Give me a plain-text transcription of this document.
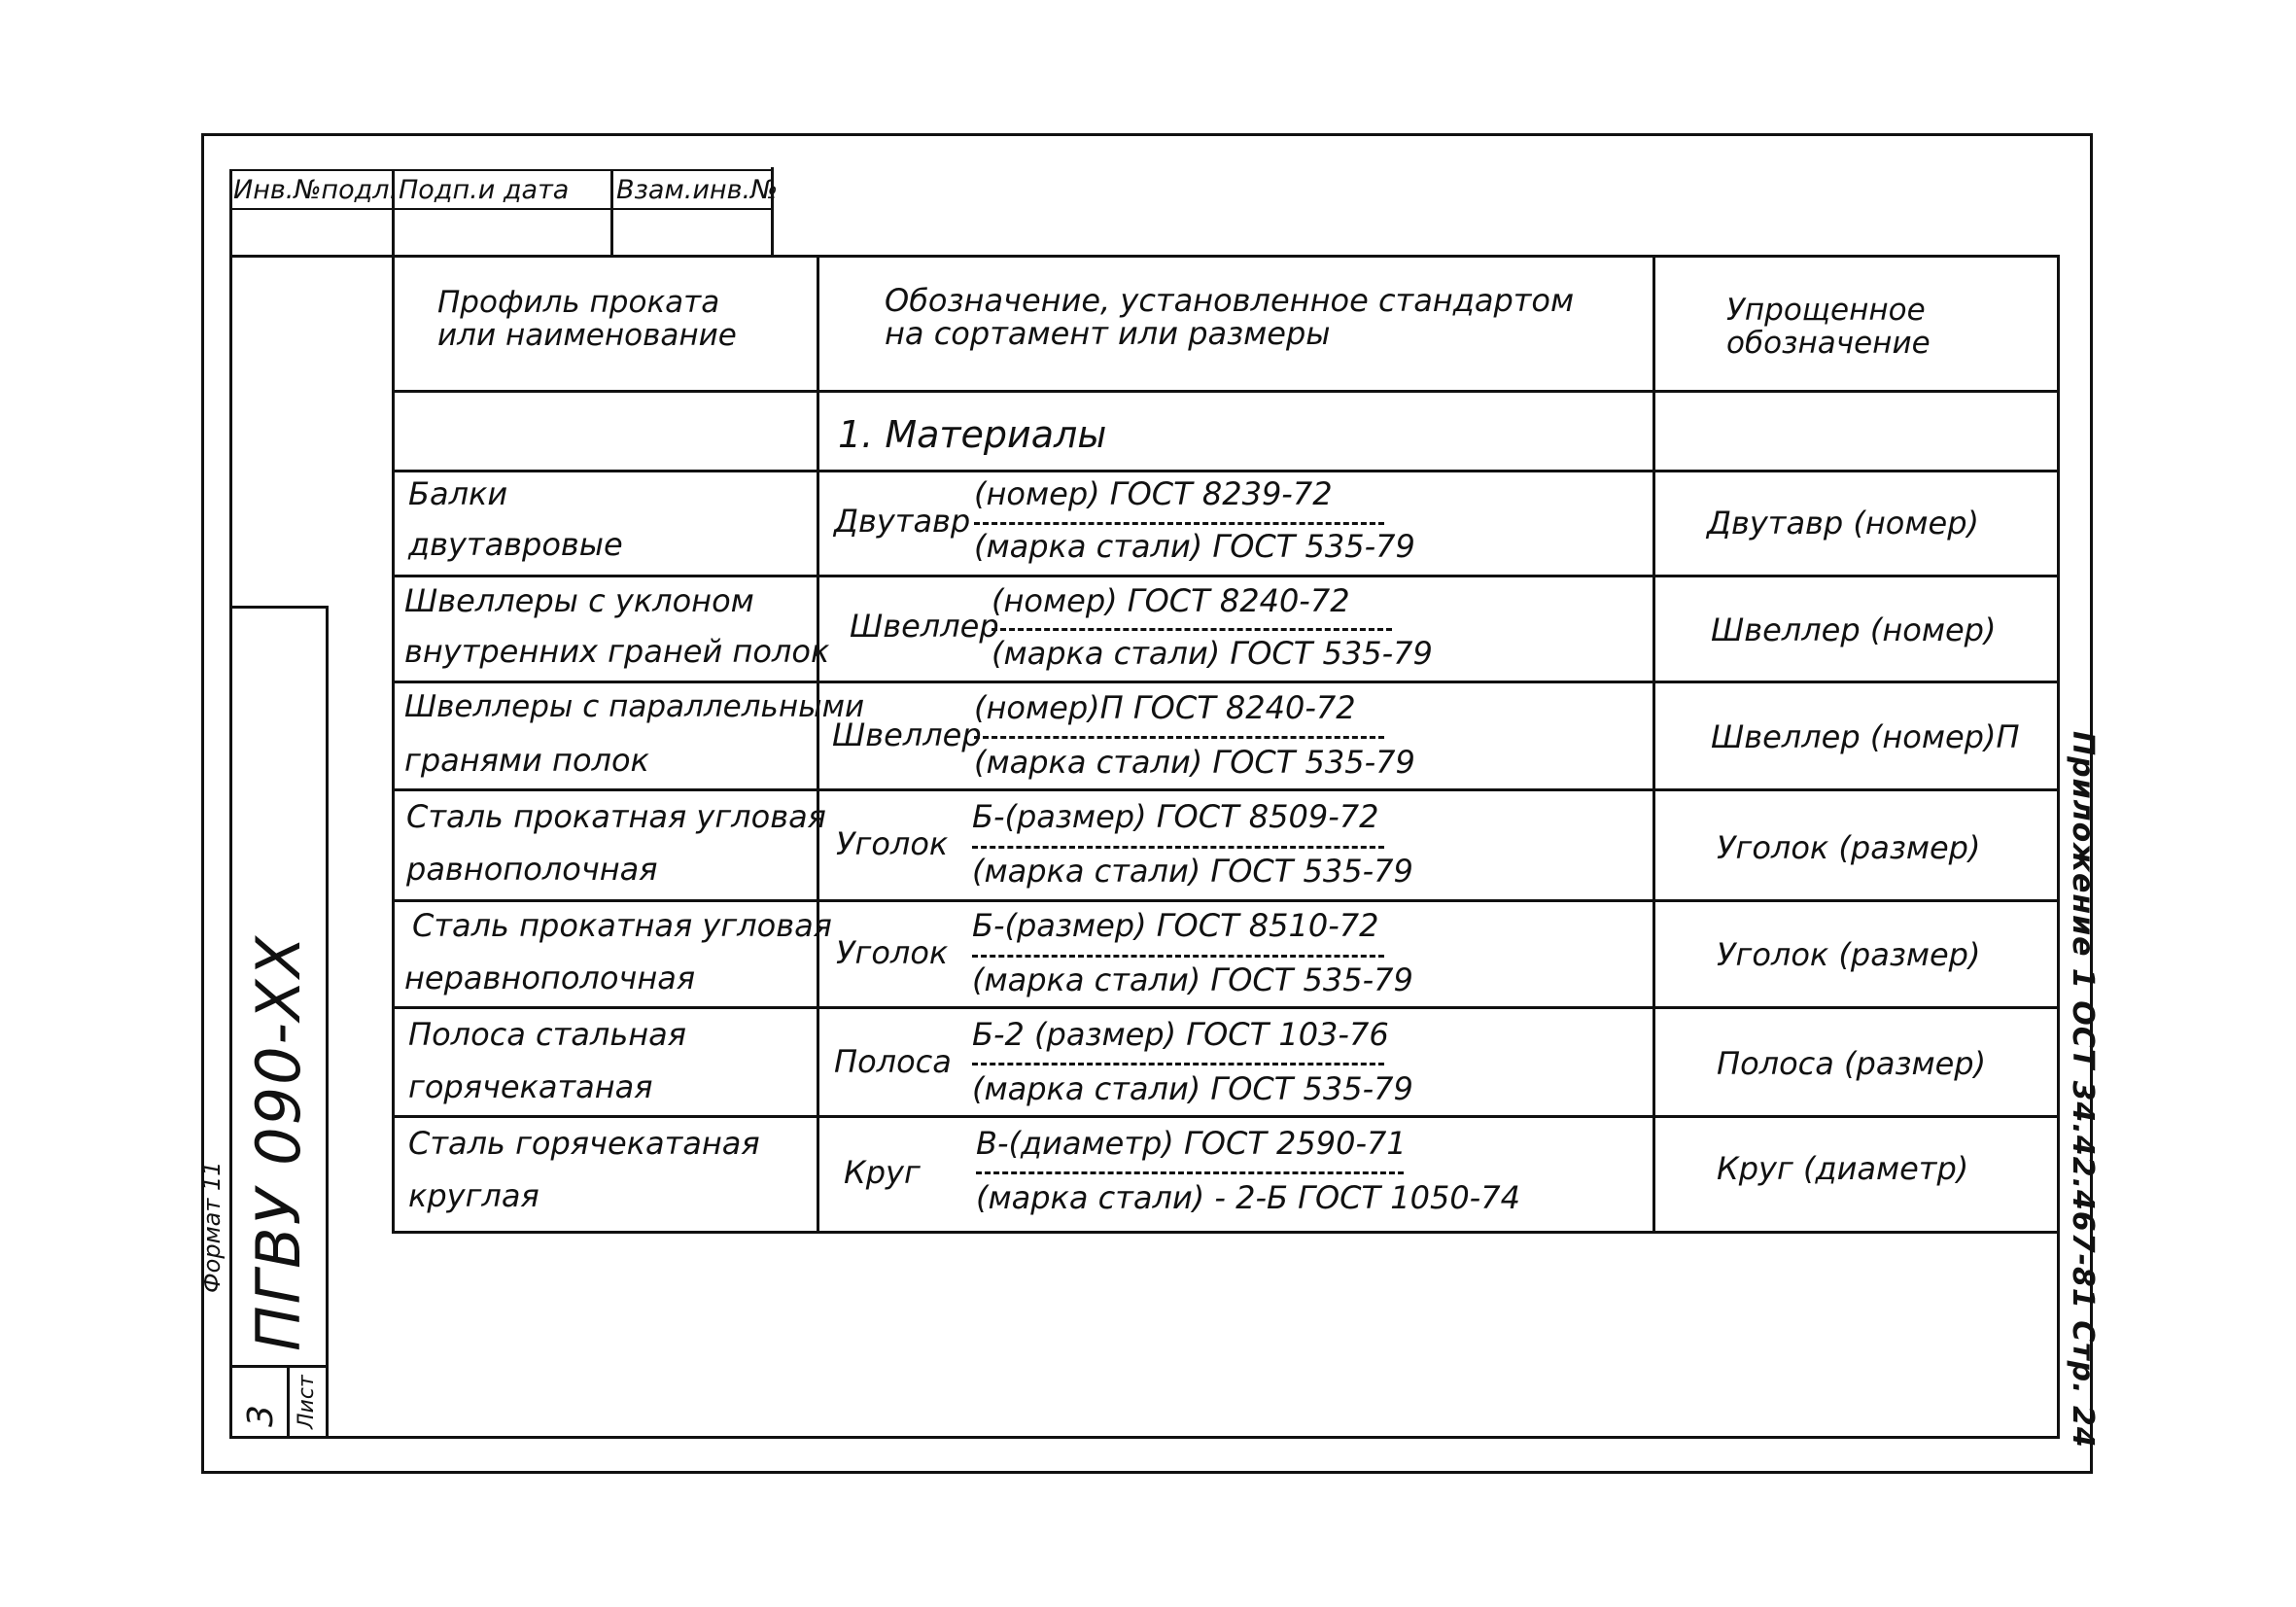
Инв.№подл. Подп.и дата Взам.инв.№
ПГВУ 090-ХХ
Формат 11
Лист
3	Приложение 1 ОСТ 34.42.467-81 Стр. 24
Профиль проката
или наименование
Обозначение, установленное стандартом
на сортамент или размеры
Упрощенное
обозначение
1. Материалы
Балки
двутавровые
Двутавр
(номер) ГОСТ 8239-72
(марка стали) ГОСТ 535-79
Двутавр (номер)
Швеллеры с уклоном
внутренних граней полок
Швеллер
(номер) ГОСТ 8240-72
(марка стали) ГОСТ 535-79
Швеллер (номер)
Швеллеры с параллельными
гранями полок
Швеллер
(номер)П ГОСТ 8240-72
(марка стали) ГОСТ 535-79
Швеллер (номер)П
Сталь прокатная угловая
равнополочная
Уголок
Б-(размер) ГОСТ 8509-72
(марка стали) ГОСТ 535-79
Уголок (размер)
Сталь прокатная угловая
неравнополочная
Уголок
Б-(размер) ГОСТ 8510-72
(марка стали) ГОСТ 535-79
Уголок (размер)
Полоса стальная
горячекатаная
Полоса
Б-2 (размер) ГОСТ 103-76
(марка стали) ГОСТ 535-79
Полоса (размер)
Сталь горячекатаная
круглая
Круг
В-(диаметр) ГОСТ 2590-71
(марка стали) - 2-Б ГОСТ 1050-74
Круг (диаметр)
